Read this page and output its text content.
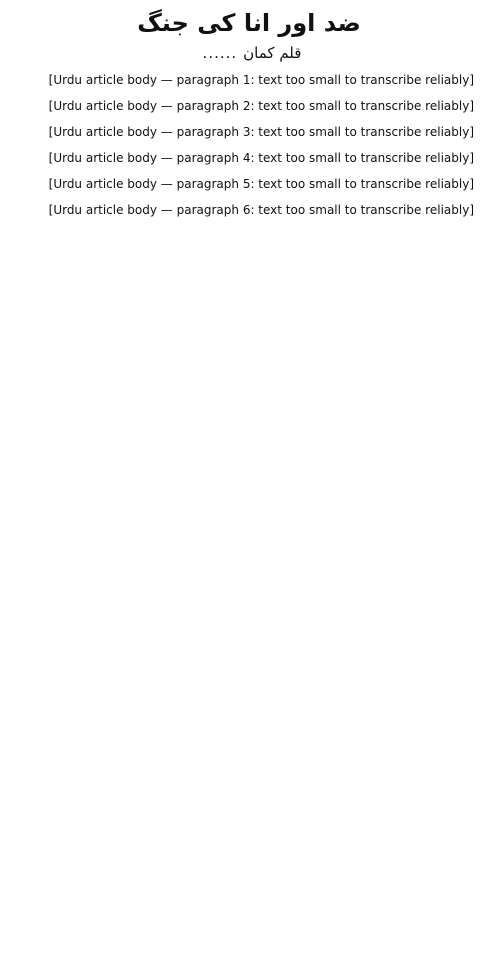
ضد اور انا کی جنگ
قلم کمان
......

[Urdu article body — paragraph 1: text too small to transcribe reliably]

[Urdu article body — paragraph 2: text too small to transcribe reliably]

[Urdu article body — paragraph 3: text too small to transcribe reliably]

[Urdu article body — paragraph 4: text too small to transcribe reliably]

[Urdu article body — paragraph 5: text too small to transcribe reliably]

[Urdu article body — paragraph 6: text too small to transcribe reliably]
